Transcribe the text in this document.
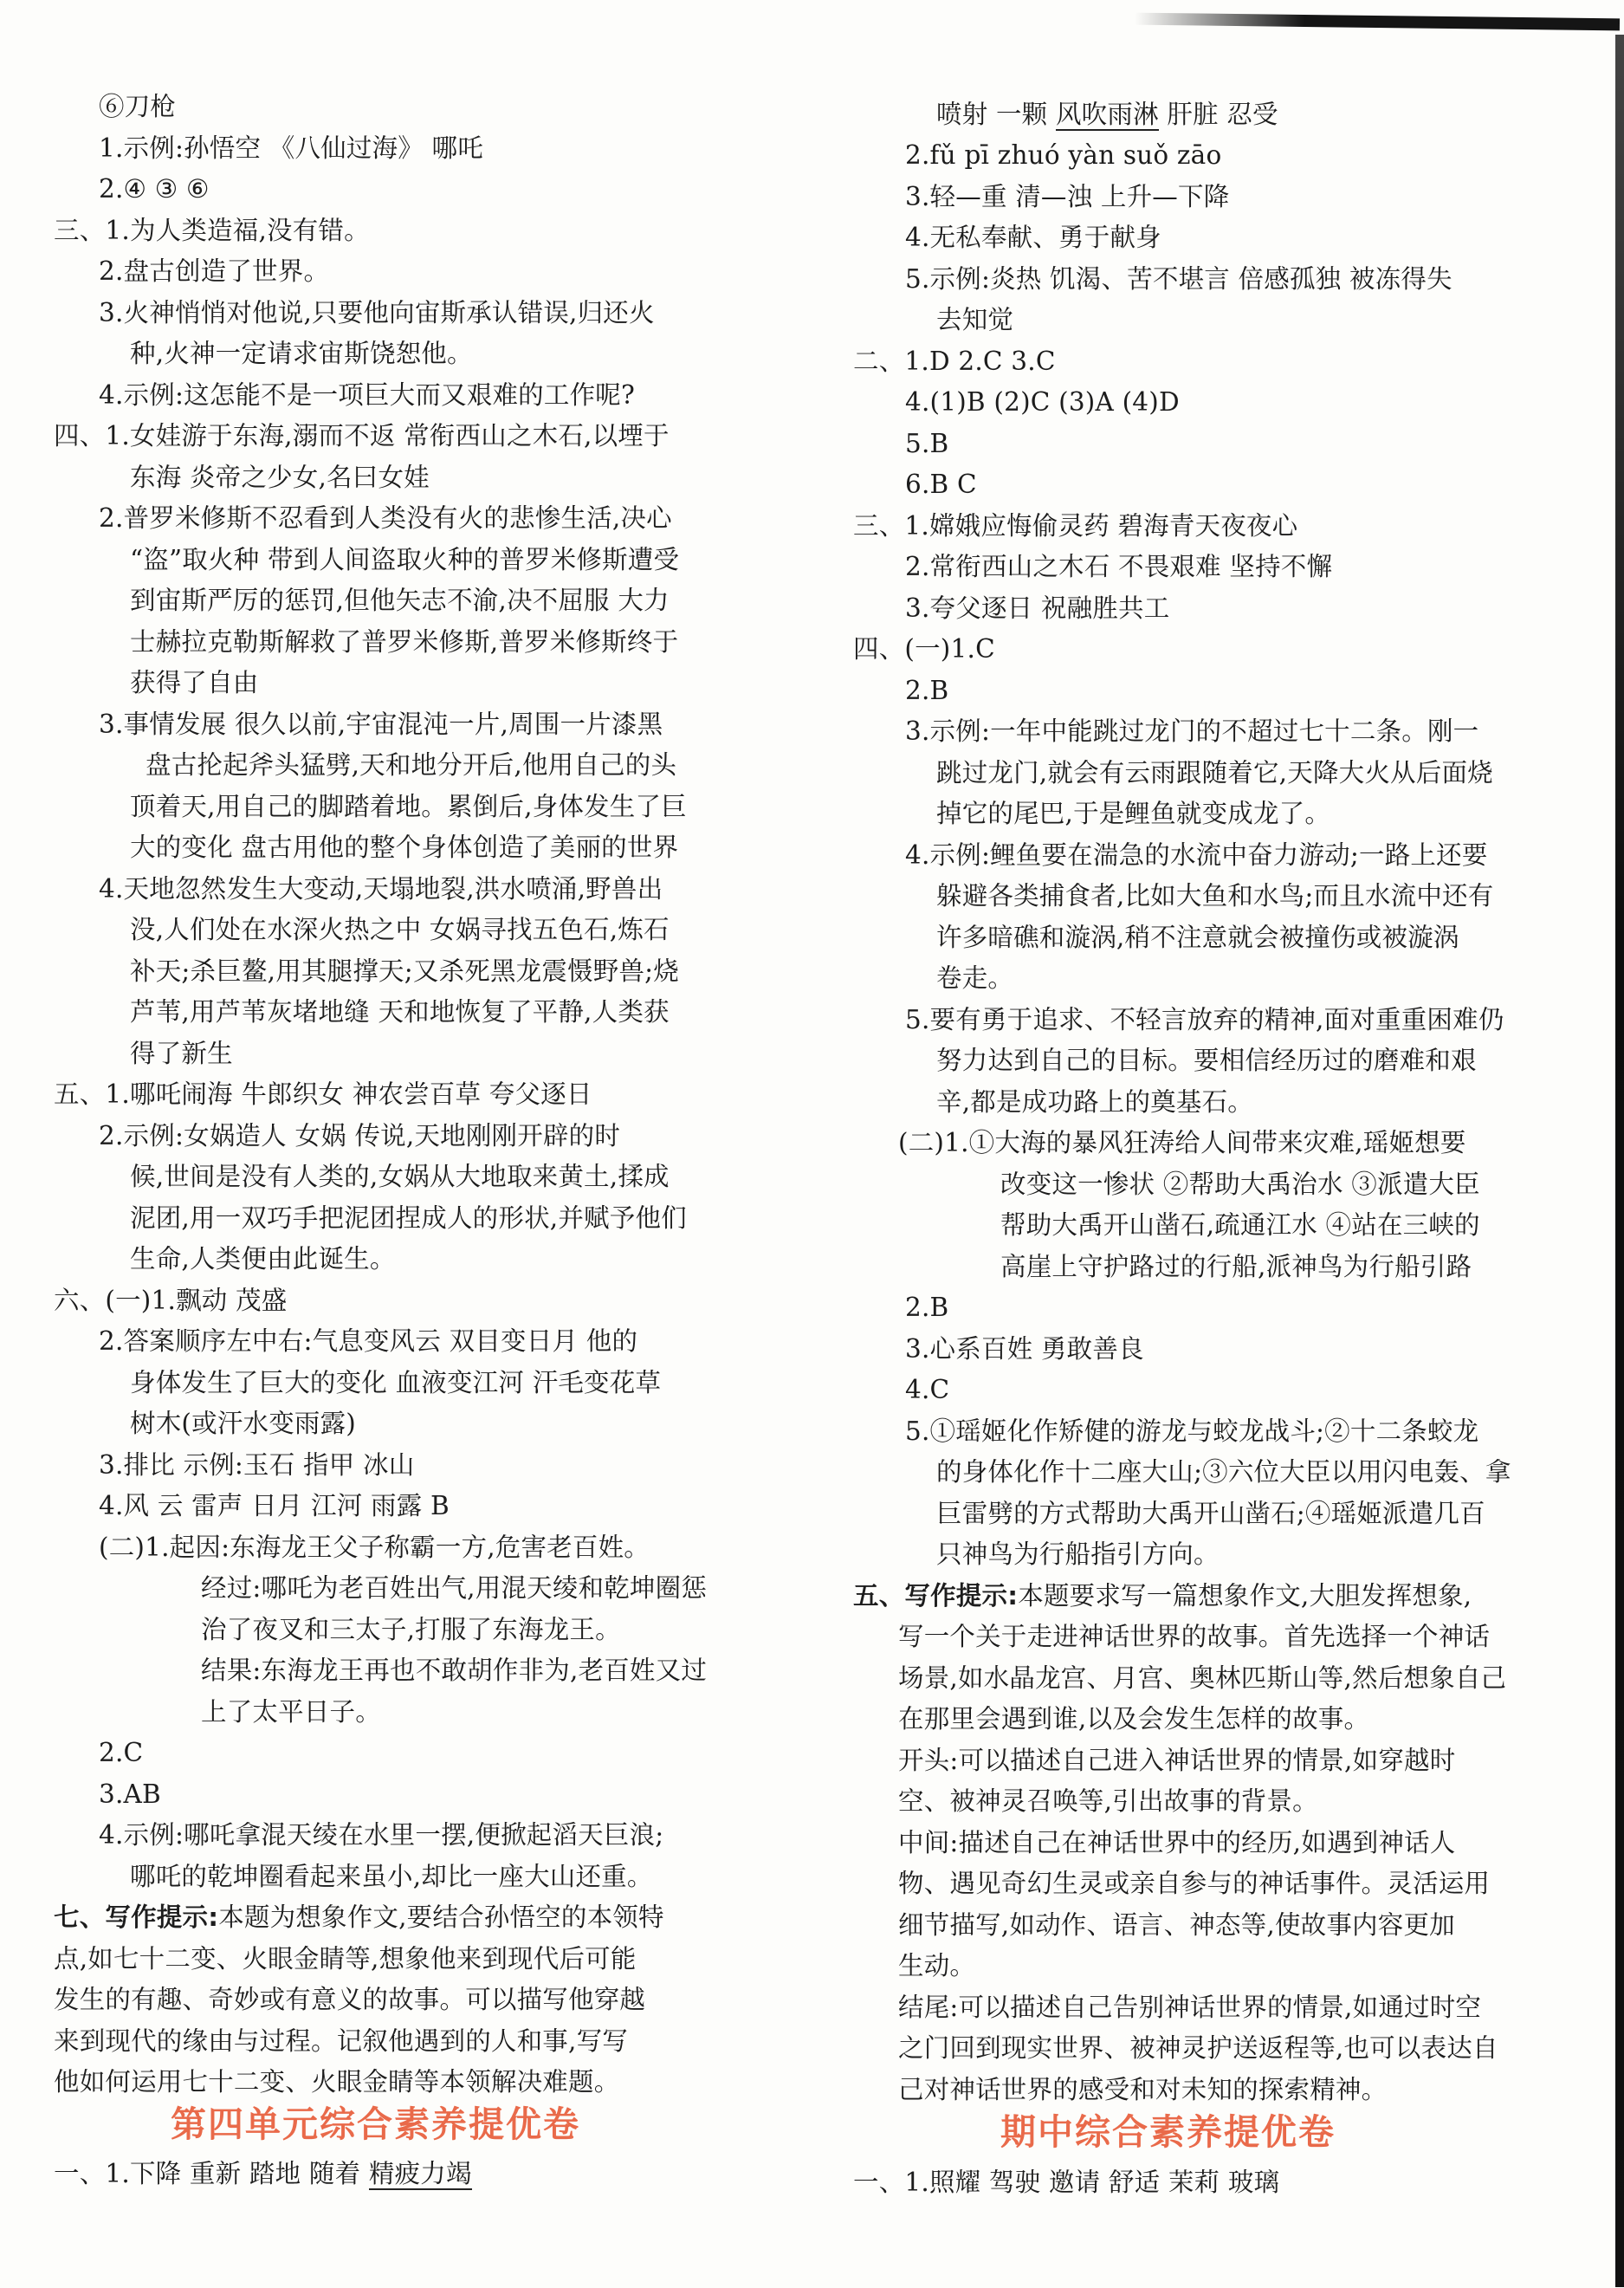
⑥刀枪
1.示例:孙悟空 《八仙过海》 哪吒
2.④ ③ ⑥
三、1.为人类造福,没有错。
2.盘古创造了世界。
3.火神悄悄对他说,只要他向宙斯承认错误,归还火
种,火神一定请求宙斯饶恕他。
4.示例:这怎能不是一项巨大而又艰难的工作呢?
四、1.女娃游于东海,溺而不返 常衔西山之木石,以堙于
东海 炎帝之少女,名曰女娃
2.普罗米修斯不忍看到人类没有火的悲惨生活,决心
“盗”取火种 带到人间盗取火种的普罗米修斯遭受
到宙斯严厉的惩罚,但他矢志不渝,决不屈服 大力
士赫拉克勒斯解救了普罗米修斯,普罗米修斯终于
获得了自由
3.事情发展 很久以前,宇宙混沌一片,周围一片漆黑
盘古抡起斧头猛劈,天和地分开后,他用自己的头
顶着天,用自己的脚踏着地。累倒后,身体发生了巨
大的变化 盘古用他的整个身体创造了美丽的世界
4.天地忽然发生大变动,天塌地裂,洪水喷涌,野兽出
没,人们处在水深火热之中 女娲寻找五色石,炼石
补天;杀巨鳌,用其腿撑天;又杀死黑龙震慑野兽;烧
芦苇,用芦苇灰堵地缝 天和地恢复了平静,人类获
得了新生
五、1.哪吒闹海 牛郎织女 神农尝百草 夸父逐日
2.示例:女娲造人 女娲 传说,天地刚刚开辟的时
候,世间是没有人类的,女娲从大地取来黄土,揉成
泥团,用一双巧手把泥团捏成人的形状,并赋予他们
生命,人类便由此诞生。
六、(一)1.飘动 茂盛
2.答案顺序左中右:气息变风云 双目变日月 他的
身体发生了巨大的变化 血液变江河 汗毛变花草
树木(或汗水变雨露)
3.排比 示例:玉石 指甲 冰山
4.风 云 雷声 日月 江河 雨露 B
(二)1.起因:东海龙王父子称霸一方,危害老百姓。
经过:哪吒为老百姓出气,用混天绫和乾坤圈惩
治了夜叉和三太子,打服了东海龙王。
结果:东海龙王再也不敢胡作非为,老百姓又过
上了太平日子。
2.C
3.AB
4.示例:哪吒拿混天绫在水里一摆,便掀起滔天巨浪;
哪吒的乾坤圈看起来虽小,却比一座大山还重。
七、写作提示:本题为想象作文,要结合孙悟空的本领特
点,如七十二变、火眼金睛等,想象他来到现代后可能
发生的有趣、奇妙或有意义的故事。可以描写他穿越
来到现代的缘由与过程。记叙他遇到的人和事,写写
他如何运用七十二变、火眼金睛等本领解决难题。
第四单元综合素养提优卷
一、1.下降 重新 踏地 随着 精疲力竭
喷射 一颗 风吹雨淋 肝脏 忍受
2.fǔ pī zhuó yàn suǒ zāo
3.轻—重 清—浊 上升—下降
4.无私奉献、勇于献身
5.示例:炎热 饥渴、苦不堪言 倍感孤独 被冻得失
去知觉
二、1.D 2.C 3.C
4.(1)B (2)C (3)A (4)D
5.B
6.B C
三、1.嫦娥应悔偷灵药 碧海青天夜夜心
2.常衔西山之木石 不畏艰难 坚持不懈
3.夸父逐日 祝融胜共工
四、(一)1.C
2.B
3.示例:一年中能跳过龙门的不超过七十二条。刚一
跳过龙门,就会有云雨跟随着它,天降大火从后面烧
掉它的尾巴,于是鲤鱼就变成龙了。
4.示例:鲤鱼要在湍急的水流中奋力游动;一路上还要
躲避各类捕食者,比如大鱼和水鸟;而且水流中还有
许多暗礁和漩涡,稍不注意就会被撞伤或被漩涡
卷走。
5.要有勇于追求、不轻言放弃的精神,面对重重困难仍
努力达到自己的目标。要相信经历过的磨难和艰
辛,都是成功路上的奠基石。
(二)1.①大海的暴风狂涛给人间带来灾难,瑶姬想要
改变这一惨状 ②帮助大禹治水 ③派遣大臣
帮助大禹开山凿石,疏通江水 ④站在三峡的
高崖上守护路过的行船,派神鸟为行船引路
2.B
3.心系百姓 勇敢善良
4.C
5.①瑶姬化作矫健的游龙与蛟龙战斗;②十二条蛟龙
的身体化作十二座大山;③六位大臣以用闪电轰、拿
巨雷劈的方式帮助大禹开山凿石;④瑶姬派遣几百
只神鸟为行船指引方向。
五、写作提示:本题要求写一篇想象作文,大胆发挥想象,
写一个关于走进神话世界的故事。首先选择一个神话
场景,如水晶龙宫、月宫、奥林匹斯山等,然后想象自己
在那里会遇到谁,以及会发生怎样的故事。
开头:可以描述自己进入神话世界的情景,如穿越时
空、被神灵召唤等,引出故事的背景。
中间:描述自己在神话世界中的经历,如遇到神话人
物、遇见奇幻生灵或亲自参与的神话事件。灵活运用
细节描写,如动作、语言、神态等,使故事内容更加
生动。
结尾:可以描述自己告别神话世界的情景,如通过时空
之门回到现实世界、被神灵护送返程等,也可以表达自
己对神话世界的感受和对未知的探索精神。
期中综合素养提优卷
一、1.照耀 驾驶 邀请 舒适 茉莉 玻璃
